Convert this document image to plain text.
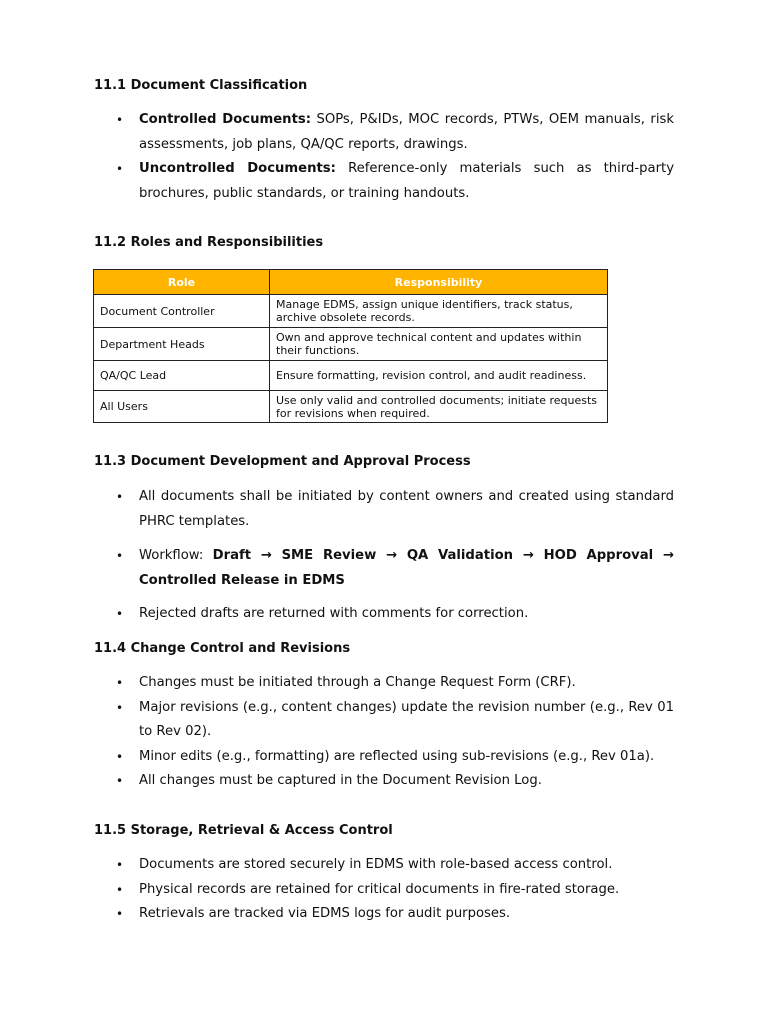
11.1 Document Classification
• Controlled Documents: SOPs, P&IDs, MOC records, PTWs, OEM manuals, risk assessments, job plans, QA/QC reports, drawings.
• Uncontrolled Documents: Reference-only materials such as third-party brochures, public standards, or training handouts.
11.2 Roles and Responsibilities
Role	Responsibility
Document Controller	Manage EDMS, assign unique identifiers, track status, archive obsolete records.
Department Heads	Own and approve technical content and updates within their functions.
QA/QC Lead	Ensure formatting, revision control, and audit readiness.
All Users	Use only valid and controlled documents; initiate requests for revisions when required.
11.3 Document Development and Approval Process
• All documents shall be initiated by content owners and created using standard PHRC templates.
• Workflow: Draft → SME Review → QA Validation → HOD Approval → Controlled Release in EDMS
• Rejected drafts are returned with comments for correction.
11.4 Change Control and Revisions
• Changes must be initiated through a Change Request Form (CRF).
• Major revisions (e.g., content changes) update the revision number (e.g., Rev 01 to Rev 02).
• Minor edits (e.g., formatting) are reflected using sub-revisions (e.g., Rev 01a).
• All changes must be captured in the Document Revision Log.
11.5 Storage, Retrieval & Access Control
• Documents are stored securely in EDMS with role-based access control.
• Physical records are retained for critical documents in fire-rated storage.
• Retrievals are tracked via EDMS logs for audit purposes.
